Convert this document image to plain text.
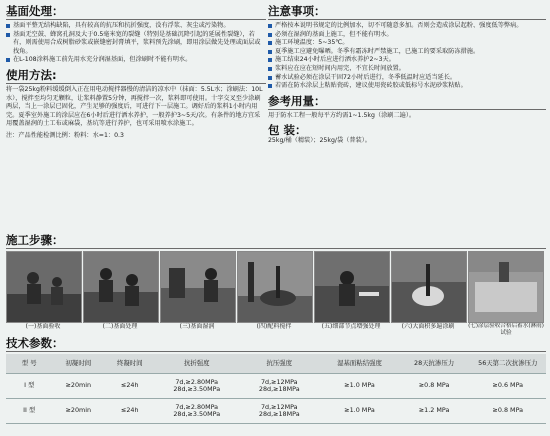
基面处理：
基面平整无结构缺陷，具有较高的抗压和抗折强度，没有浮浆、灰尘或污染物。
基面无空鼓、蜂窝孔洞及大于0.5毫米宽的裂缝（特别是基础沉降引起的延展性裂缝），若有，则需使用合成树脂砂浆或嵌缝密封膏填平，浆料预先涂刷，即用涂层做先处理或面层或找角。
在L-108涂料施工前先用水充分润湿基面，但涂刷时不能有明水。
使用方法:

将一袋25kg粉料缓缓倒入正在用电动搅拌器慢的清洁的凉水中（抹面：5.5L水；涂刷法：10L水），搅拌至均匀无颗粒，让浆料静置5分钟，再搅拌一次，浆料即可使用。十字交叉至少涂刷两层，当上一涂层已固化，产生足够的强度后，可进行下一层施工。调好后的浆料1小时内用完。夏季室外施工的涂层应在6小时后进行洒水养护，一般养护3~5天/次。有条件的地方宜采用覆盖湿润的土工布或麻袋，基坑等进行养护，也可采用喷水涂施工。

注：产品性能检测比例：粉料：水=1：0.3
注意事项：
严格按本说明书规定的比例加水，切不可随意多加。否则会造成涂层起粉、强度低等弊病。
必须在湿润的基面上施工，但不能有明水。
施工环境温度：5~35℃。
夏季施工应避免曝晒。冬季有霜冻时严禁施工，已施工的要采取防冻措施。
施工结束24小时后应进行洒水养护2~3天。
浆料应在应在短时间内用完，不宜长时间放置。
蓄水试验必须在涂层干固72小时后进行，冬季低温时应适当延长。
若需在防水涂层上粘贴瓷砖，建议使用瓷砖胶或低标号水泥砂浆粘贴。
参考用量：

用于防水工程一般每平方约需1~1.5kg（涂刷二遍）。

包 装：

25kg/桶（精装）；25kg/袋（普装）。

施工步骤：
(一)基面验收	(二)基面处理	(三)基面湿润	(四)配料搅拌	(五)细部节点增强处理	(六)大面积多遍涂刷	(七)涂层验收合格后蓄水(淋雨)试验
技术参数：
型 号	初凝时间	终凝时间	抗折强度	抗压强度	湿基面粘结强度	28天抗渗压力	56天第二次抗渗压力
I 型	≥20min	≤24h	7d,≥2.80MPa
28d,≥3.50MPa	7d,≥12MPa
28d,≥18MPa	≥1.0 MPa	≥0.8 MPa	≥0.6 MPa
II 型	≥20min	≤24h	7d,≥2.80MPa
28d,≥3.50MPa	7d,≥12MPa
28d,≥18MPa	≥1.0 MPa	≥1.2 MPa	≥0.8 MPa
